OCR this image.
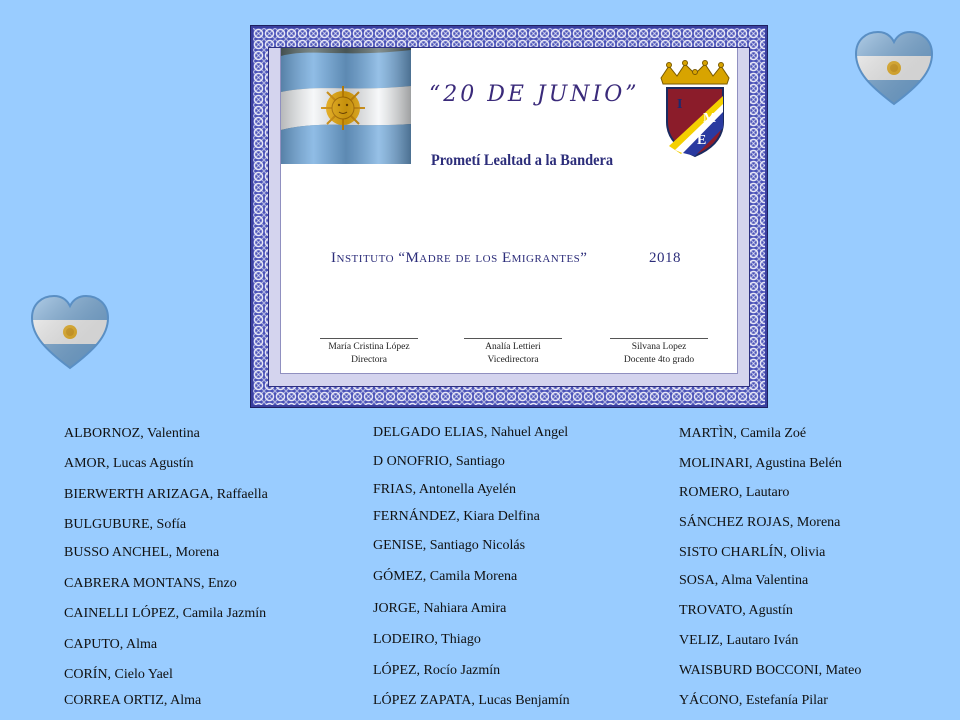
“20 DE JUNIO”	I
M
E
Prometí Lealtad a la Bandera
Instituto “Madre de los Emigrantes”	2018
María Cristina López
Directora
Analía Lettieri
Vicedirectora
Silvana Lopez
Docente 4to grado
ALBORNOZ, Valentina
AMOR, Lucas Agustín
BIERWERTH ARIZAGA, Raffaella
BULGUBURE, Sofía
BUSSO ANCHEL, Morena
CABRERA MONTANS, Enzo
CAINELLI LÓPEZ, Camila Jazmín
CAPUTO, Alma
CORÍN, Cielo Yael
CORREA ORTIZ, Alma
DELGADO ELIAS, Nahuel Angel
D ONOFRIO, Santiago
FRIAS, Antonella Ayelén
FERNÁNDEZ, Kiara Delfina
GENISE, Santiago Nicolás
GÓMEZ, Camila Morena
JORGE, Nahiara Amira
LODEIRO, Thiago
LÓPEZ, Rocío Jazmín
LÓPEZ ZAPATA, Lucas Benjamín
MARTÌN, Camila Zoé
MOLINARI, Agustina Belén
ROMERO, Lautaro
SÁNCHEZ ROJAS, Morena
SISTO CHARLÍN, Olivia
SOSA, Alma Valentina
TROVATO, Agustín
VELIZ, Lautaro Iván
WAISBURD BOCCONI, Mateo
YÁCONO, Estefanía Pilar
